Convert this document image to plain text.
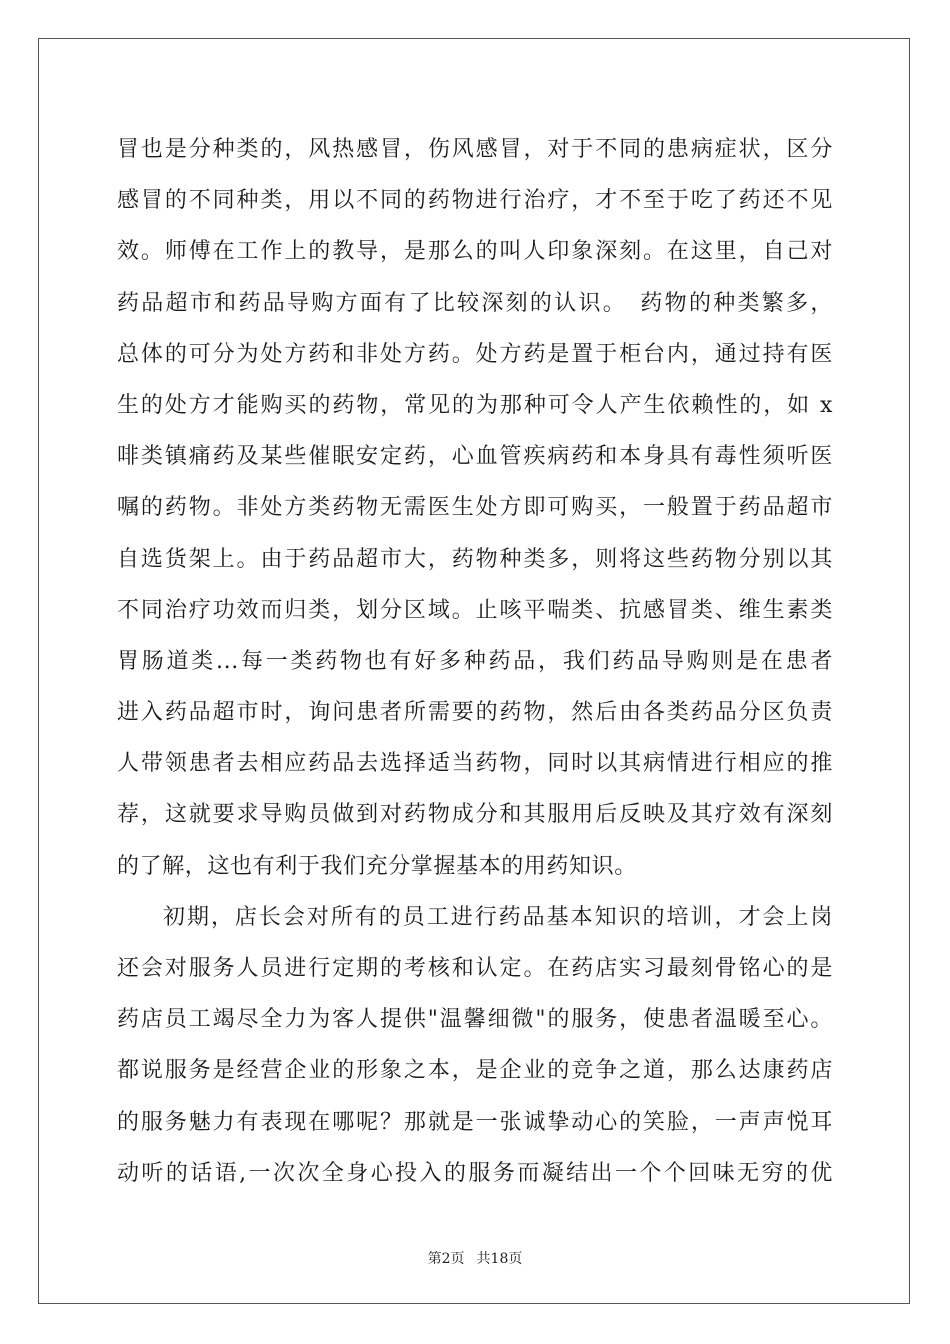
冒也是分种类的，风热感冒，伤风感冒，对于不同的患病症状，区分
感冒的不同种类，用以不同的药物进行治疗，才不至于吃了药还不见
效。师傅在工作上的教导，是那么的叫人印象深刻。在这里，自己对
药品超市和药品导购方面有了比较深刻的认识。　药物的种类繁多，
总体的可分为处方药和非处方药。处方药是置于柜台内，通过持有医
生的处方才能购买的药物，常见的为那种可令人产生依赖性的，如 x
啡类镇痛药及某些催眠安定药，心血管疾病药和本身具有毒性须听医
嘱的药物。非处方类药物无需医生处方即可购买，一般置于药品超市
自选货架上。由于药品超市大，药物种类多，则将这些药物分别以其
不同治疗功效而归类，划分区域。止咳平喘类、抗感冒类、维生素类
胃肠道类...每一类药物也有好多种药品，我们药品导购则是在患者
进入药品超市时，询问患者所需要的药物，然后由各类药品分区负责
人带领患者去相应药品去选择适当药物，同时以其病情进行相应的推
荐，这就要求导购员做到对药物成分和其服用后反映及其疗效有深刻
的了解，这也有利于我们充分掌握基本的用药知识。
初期，店长会对所有的员工进行药品基本知识的培训，才会上岗
还会对服务人员进行定期的考核和认定。在药店实习最刻骨铭心的是
药店员工竭尽全力为客人提供"温馨细微"的服务，使患者温暖至心。
都说服务是经营企业的形象之本，是企业的竞争之道，那么达康药店
的服务魅力有表现在哪呢？那就是一张诚挚动心的笑脸，一声声悦耳
动听的话语,一次次全身心投入的服务而凝结出一个个回味无穷的优
第2页 共18页
